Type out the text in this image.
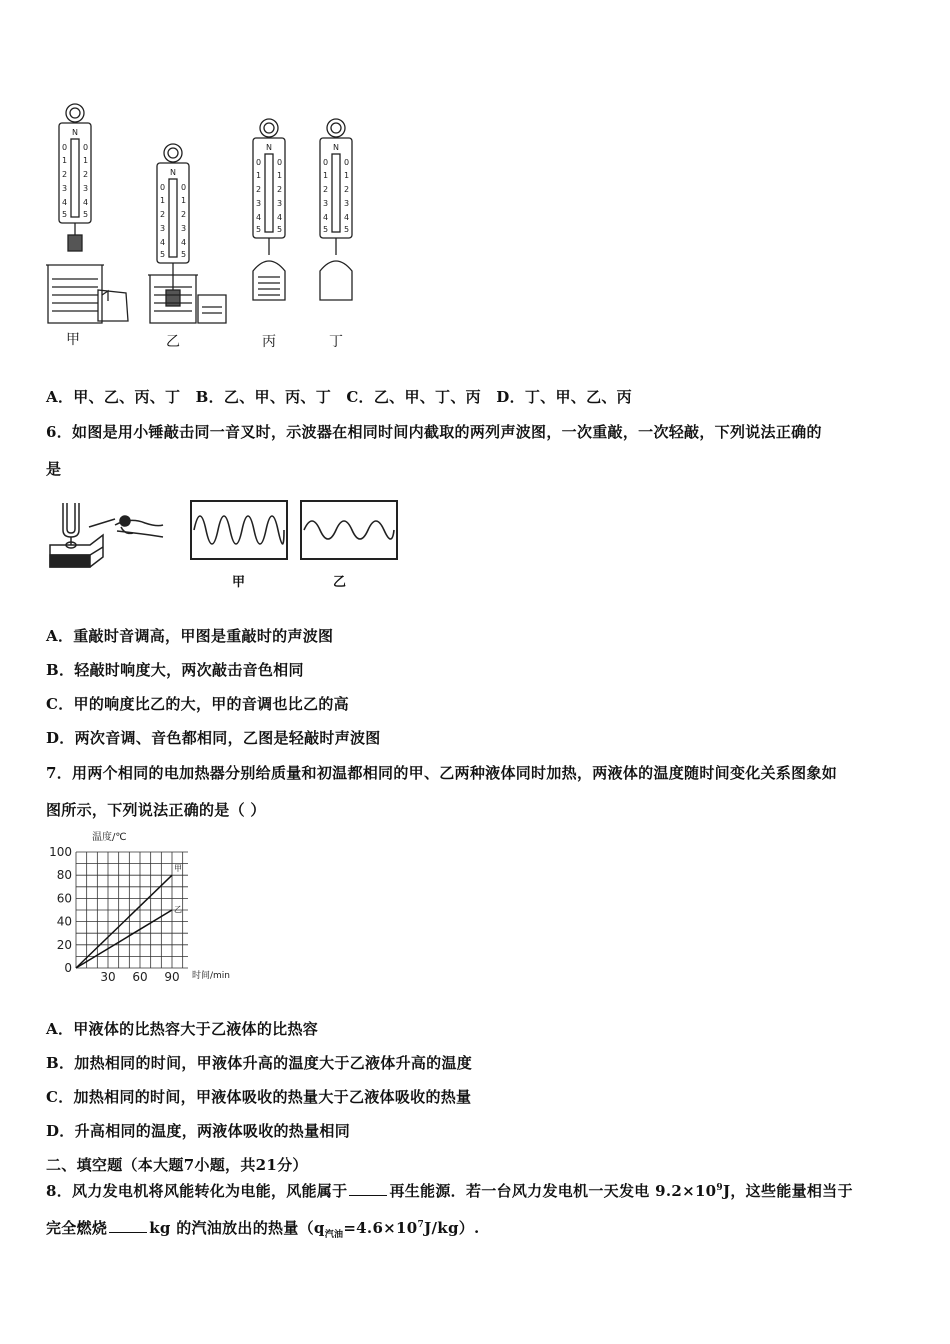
0
1
2
3
4
5
0
1
2
3
4
5
0
1
2
3
4
5
0
1
2
3
4
5
0
1
2
3
4
5
0
1
2
3
4
5
0
1
2
3
4
5
0
1
2
3
4
5
N
N
N	N
甲	乙	丙	丁
A．甲、乙、丙、丁　B．乙、甲、丙、丁　C．乙、甲、丁、丙　D．丁、甲、乙、丙
6．如图是用小锤敲击同一音叉时，示波器在相同时间内截取的两列声波图，一次重敲，一次轻敲，下列说法正确的
是
甲	乙
A．重敲时音调高，甲图是重敲时的声波图
B．轻敲时响度大，两次敲击音色相同
C．甲的响度比乙的大，甲的音调也比乙的高
D．两次音调、音色都相同，乙图是轻敲时声波图
7．用两个相同的电加热器分别给质量和初温都相同的甲、乙两种液体同时加热，两液体的温度随时间变化关系图象如
图所示，下列说法正确的是（ ）
温度/℃
时间/min
甲
乙
0
20
40
60
80
100
30 60 90
A．甲液体的比热容大于乙液体的比热容
B．加热相同的时间，甲液体升高的温度大于乙液体升高的温度
C．加热相同的时间，甲液体吸收的热量大于乙液体吸收的热量
D．升高相同的温度，两液体吸收的热量相同
二、填空题（本大题7小题，共21分）
8．风力发电机将风能转化为电能，风能属于	再生能源．若一台风力发电机一天发电 $9.2\times 10^9J$，这些能量相当于
完全燃烧	kg 的汽油放出的热量$(q_{汽油}=4.6\times 10^7J/kg)$.
